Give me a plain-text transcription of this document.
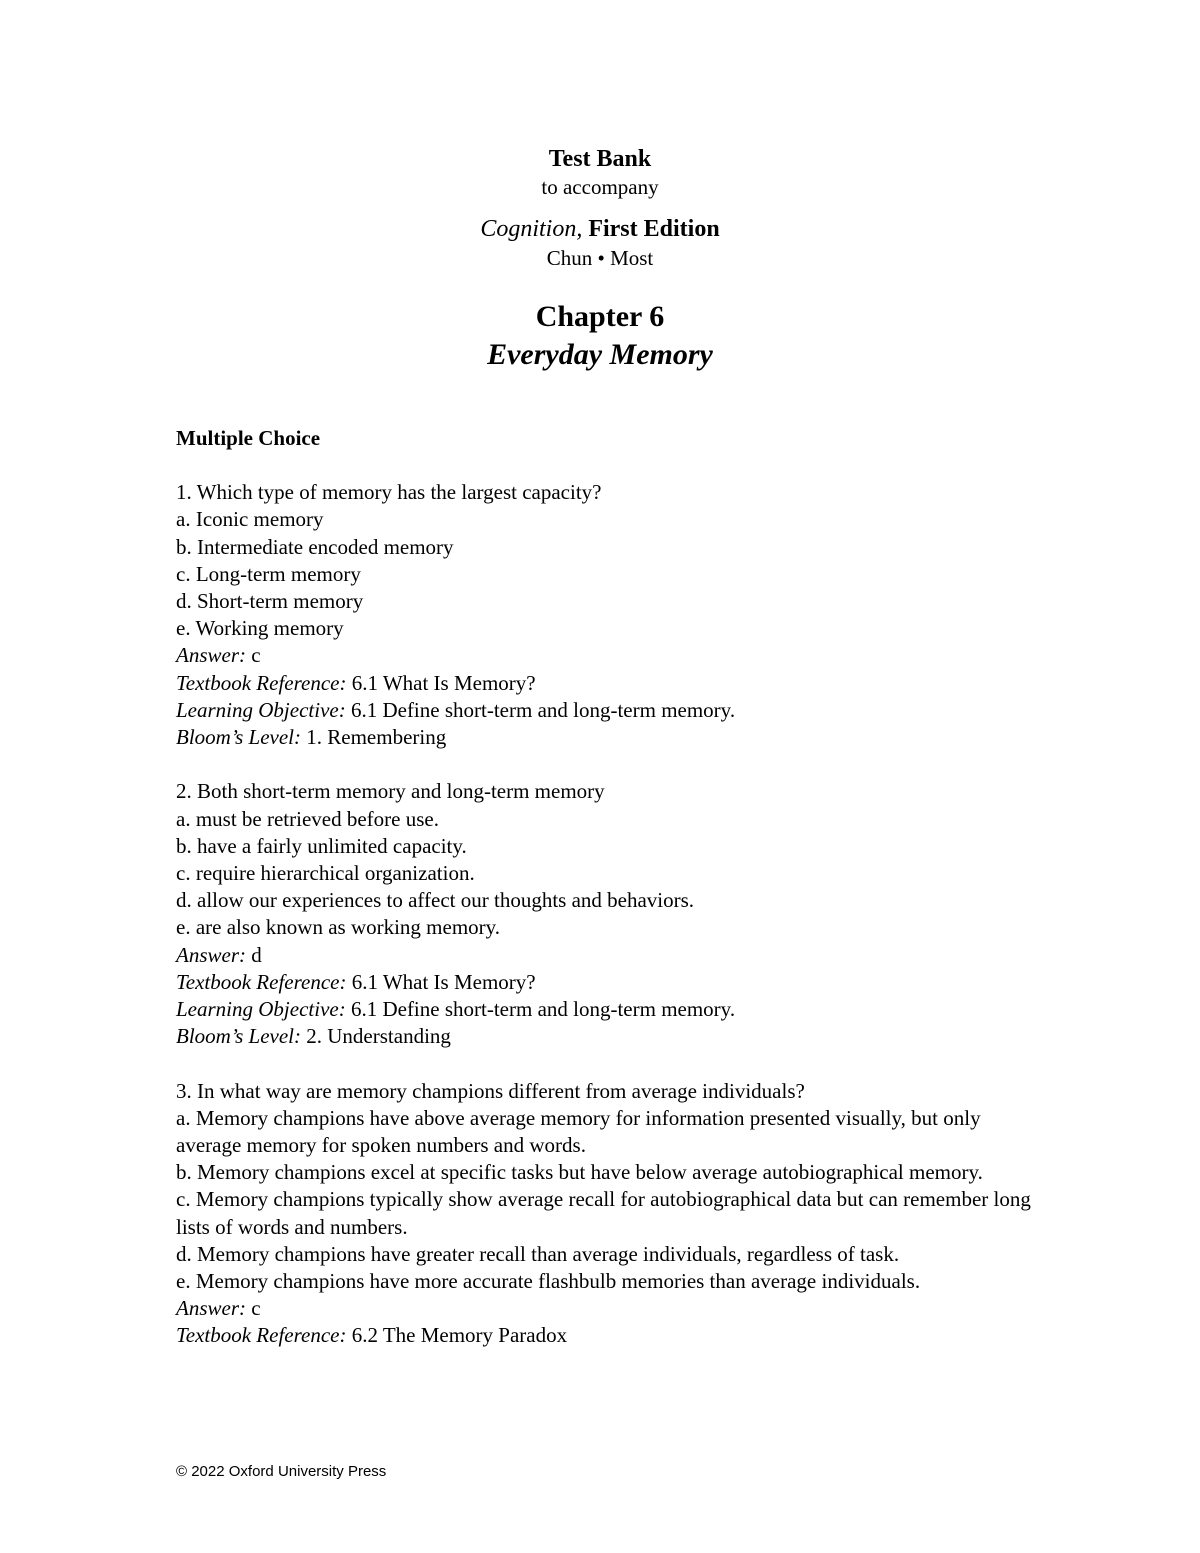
Test Bank
to accompany
Cognition, First Edition
Chun • Most
Chapter 6
Everyday Memory
Multiple Choice
1. Which type of memory has the largest capacity?
a. Iconic memory
b. Intermediate encoded memory
c. Long-term memory
d. Short-term memory
e. Working memory
Answer: c
Textbook Reference: 6.1 What Is Memory?
Learning Objective: 6.1 Define short-term and long-term memory.
Bloom’s Level: 1. Remembering
2. Both short-term memory and long-term memory
a. must be retrieved before use.
b. have a fairly unlimited capacity.
c. require hierarchical organization.
d. allow our experiences to affect our thoughts and behaviors.
e. are also known as working memory.
Answer: d
Textbook Reference: 6.1 What Is Memory?
Learning Objective: 6.1 Define short-term and long-term memory.
Bloom’s Level: 2. Understanding
3. In what way are memory champions different from average individuals?
a. Memory champions have above average memory for information presented visually, but only average memory for spoken numbers and words.
b. Memory champions excel at specific tasks but have below average autobiographical memory.
c. Memory champions typically show average recall for autobiographical data but can remember long lists of words and numbers.
d. Memory champions have greater recall than average individuals, regardless of task.
e. Memory champions have more accurate flashbulb memories than average individuals.
Answer: c
Textbook Reference: 6.2 The Memory Paradox
© 2022 Oxford University Press
